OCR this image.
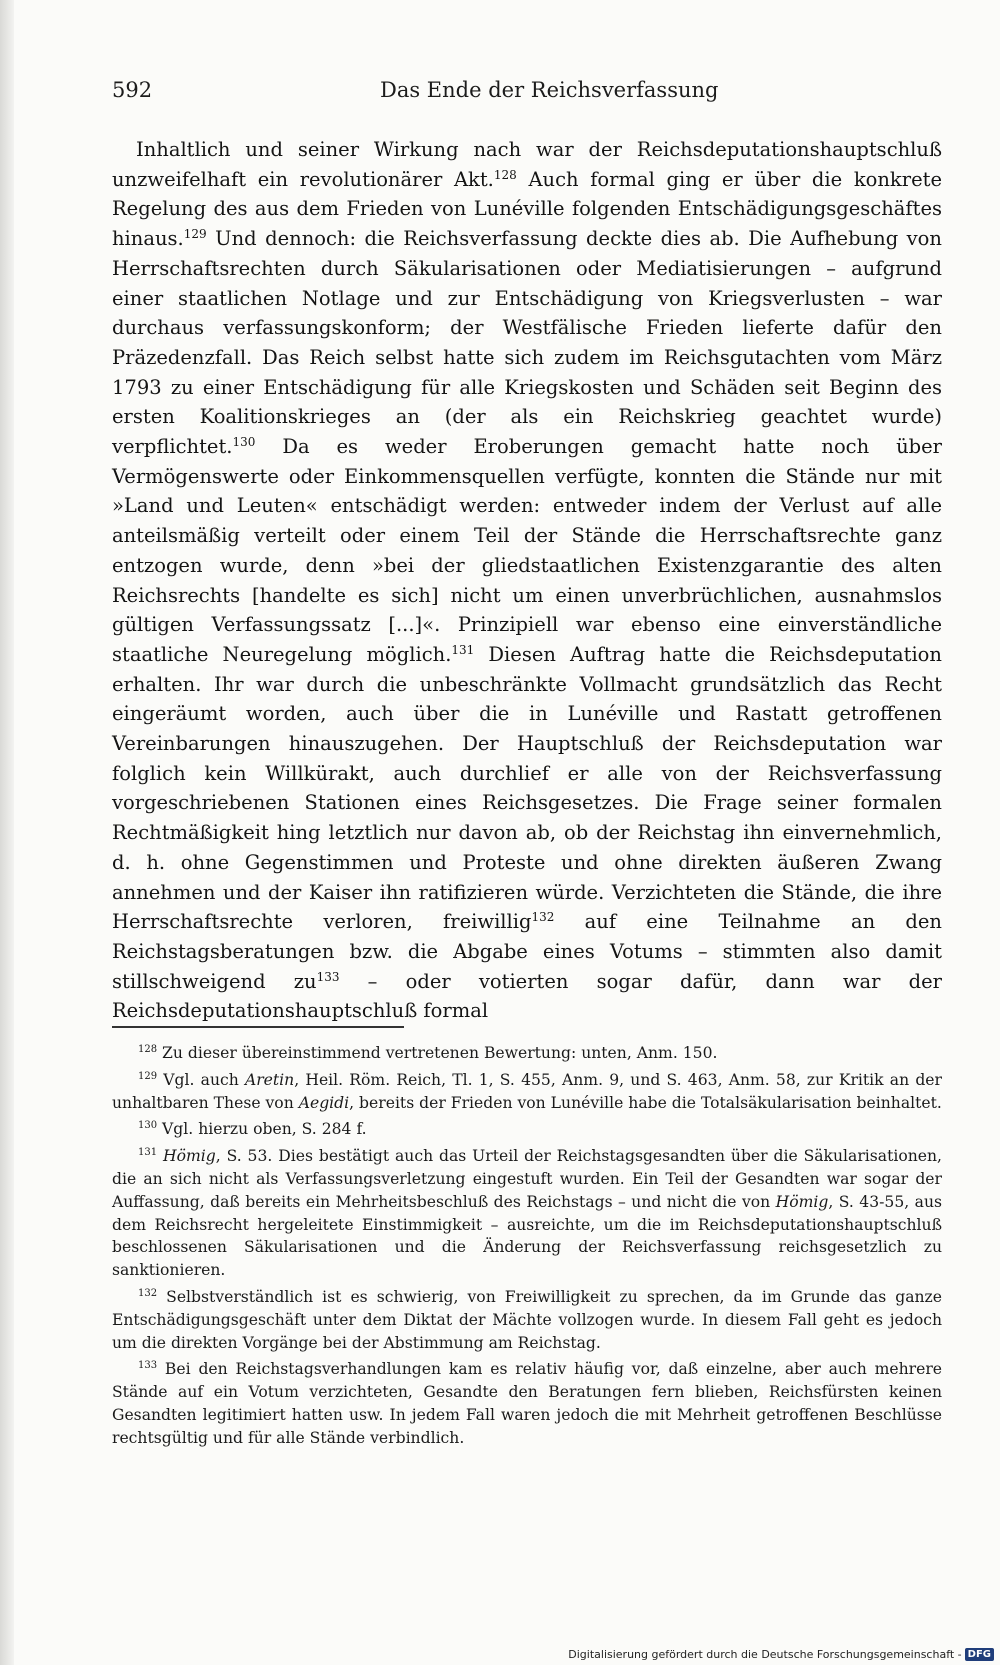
592	Das Ende der Reichsverfassung

Inhaltlich und seiner Wirkung nach war der Reichsdeputationshauptschluß unzweifelhaft ein revolutionärer Akt.$^{128}$ Auch formal ging er über die konkrete Regelung des aus dem Frieden von Lunéville folgenden Entschädigungsgeschäftes hinaus.$^{129}$ Und dennoch: die Reichsverfassung deckte dies ab. Die Aufhebung von Herrschaftsrechten durch Säkularisationen oder Mediatisierungen – aufgrund einer staatlichen Notlage und zur Entschädigung von Kriegsverlusten – war durchaus verfassungskonform; der Westfälische Frieden lieferte dafür den Präzedenzfall. Das Reich selbst hatte sich zudem im Reichsgutachten vom März 1793 zu einer Entschädigung für alle Kriegskosten und Schäden seit Beginn des ersten Koalitionskrieges an (der als ein Reichskrieg geachtet wurde) verpflichtet.$^{130}$ Da es weder Eroberungen gemacht hatte noch über Vermögenswerte oder Einkommensquellen verfügte, konnten die Stände nur mit »Land und Leuten« entschädigt werden: entweder indem der Verlust auf alle anteilsmäßig verteilt oder einem Teil der Stände die Herrschaftsrechte ganz entzogen wurde, denn »bei der gliedstaatlichen Existenzgarantie des alten Reichsrechts [handelte es sich] nicht um einen unverbrüchlichen, ausnahmslos gültigen Verfassungssatz [...]«. Prinzipiell war ebenso eine einverständliche staatliche Neuregelung möglich.$^{131}$ Diesen Auftrag hatte die Reichsdeputation erhalten. Ihr war durch die unbeschränkte Vollmacht grundsätzlich das Recht eingeräumt worden, auch über die in Lunéville und Rastatt getroffenen Vereinbarungen hinauszugehen. Der Hauptschluß der Reichsdeputation war folglich kein Willkürakt, auch durchlief er alle von der Reichsverfassung vorgeschriebenen Stationen eines Reichsgesetzes. Die Frage seiner formalen Rechtmäßigkeit hing letztlich nur davon ab, ob der Reichstag ihn einvernehmlich, d. h. ohne Gegenstimmen und Proteste und ohne direkten äußeren Zwang annehmen und der Kaiser ihn ratifizieren würde. Verzichteten die Stände, die ihre Herrschaftsrechte verloren, freiwillig$^{132}$ auf eine Teilnahme an den Reichstagsberatungen bzw. die Abgabe eines Votums – stimmten also damit stillschweigend $zu^{133}$ – oder votierten sogar dafür, dann war der Reichsdeputationshauptschluß formal

$^{128}$ Zu dieser übereinstimmend vertretenen Bewertung: unten, Anm. 150.

$^{129}$ Vgl. auch Aretin, Heil. Röm. Reich, Tl. 1, S. 455, Anm. 9, und S. 463, Anm. 58, zur Kritik an der unhaltbaren These von Aegidi, bereits der Frieden von Lunéville habe die Totalsäkularisation beinhaltet.

$^{130}$ Vgl. hierzu oben, S. 284 f.

$^{131}$ Hömig, S. 53. Dies bestätigt auch das Urteil der Reichstagsgesandten über die Säkularisationen, die an sich nicht als Verfassungsverletzung eingestuft wurden. Ein Teil der Gesandten war sogar der Auffassung, daß bereits ein Mehrheitsbeschluß des Reichstags – und nicht die von Hömig, S. 43-55, aus dem Reichsrecht hergeleitete Einstimmigkeit – ausreichte, um die im Reichsdeputationshauptschluß beschlossenen Säkularisationen und die Änderung der Reichsverfassung reichsgesetzlich zu sanktionieren.

$^{132}$ Selbstverständlich ist es schwierig, von Freiwilligkeit zu sprechen, da im Grunde das ganze Entschädigungsgeschäft unter dem Diktat der Mächte vollzogen wurde. In diesem Fall geht es jedoch um die direkten Vorgänge bei der Abstimmung am Reichstag.

$^{133}$ Bei den Reichstagsverhandlungen kam es relativ häufig vor, daß einzelne, aber auch mehrere Stände auf ein Votum verzichteten, Gesandte den Beratungen fern blieben, Reichsfürsten keinen Gesandten legitimiert hatten usw. In jedem Fall waren jedoch die mit Mehrheit getroffenen Beschlüsse rechtsgültig und für alle Stände verbindlich.

Digitalisierung gefördert durch die Deutsche Forschungsgemeinschaft - DFG
